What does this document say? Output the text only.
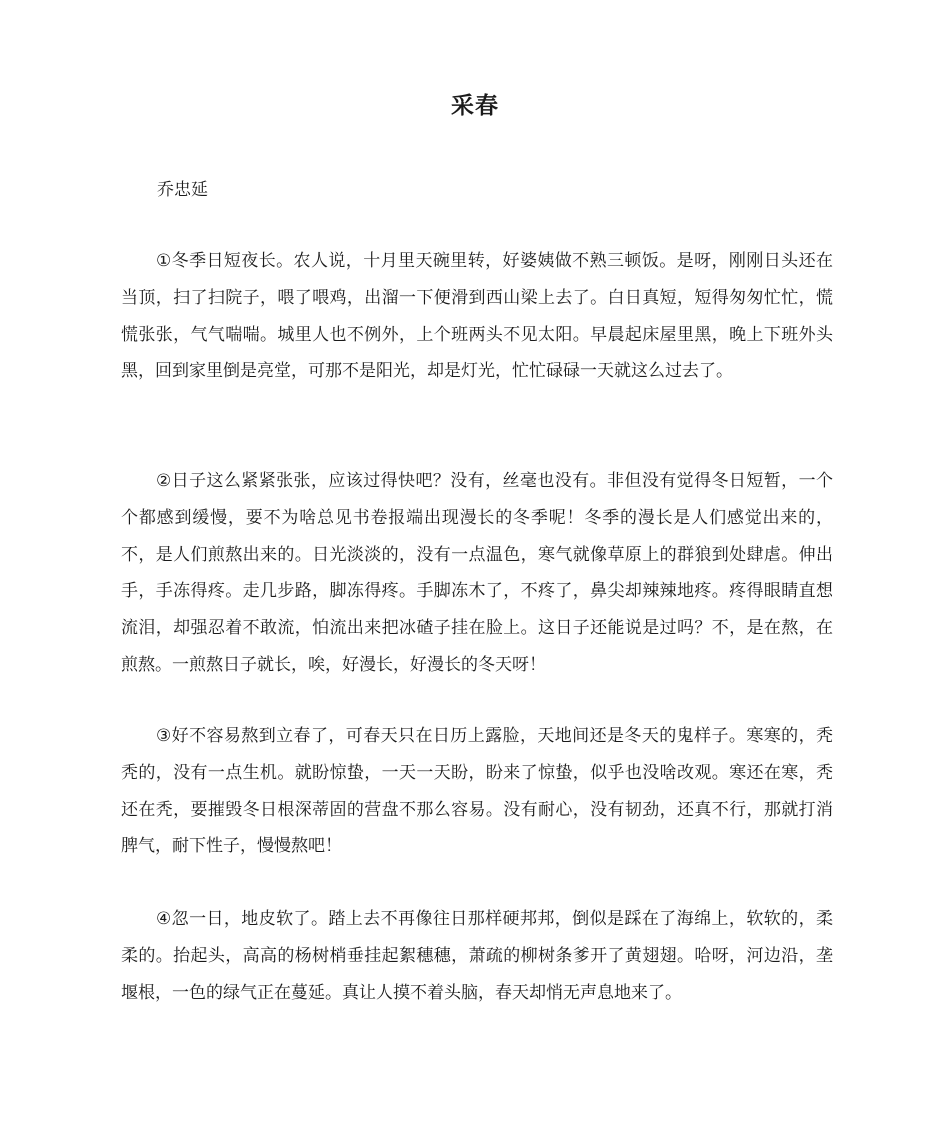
采春

乔忠延

①冬季日短夜长。农人说，十月里天碗里转，好婆姨做不熟三顿饭。是呀，刚刚日头还在当顶，扫了扫院子，喂了喂鸡，出溜一下便滑到西山梁上去了。白日真短，短得匆匆忙忙，慌慌张张，气气喘喘。城里人也不例外，上个班两头不见太阳。早晨起床屋里黑，晚上下班外头黑，回到家里倒是亮堂，可那不是阳光，却是灯光，忙忙碌碌一天就这么过去了。

②日子这么紧紧张张，应该过得快吧？没有，丝毫也没有。非但没有觉得冬日短暂，一个个都感到缓慢，要不为啥总见书卷报端出现漫长的冬季呢！冬季的漫长是人们感觉出来的，不，是人们煎熬出来的。日光淡淡的，没有一点温色，寒气就像草原上的群狼到处肆虐。伸出手，手冻得疼。走几步路，脚冻得疼。手脚冻木了，不疼了，鼻尖却辣辣地疼。疼得眼睛直想流泪，却强忍着不敢流，怕流出来把冰碴子挂在脸上。这日子还能说是过吗？不，是在熬，在煎熬。一煎熬日子就长，唉，好漫长，好漫长的冬天呀！

③好不容易熬到立春了，可春天只在日历上露脸，天地间还是冬天的鬼样子。寒寒的，秃秃的，没有一点生机。就盼惊蛰，一天一天盼，盼来了惊蛰，似乎也没啥改观。寒还在寒，秃还在秃，要摧毁冬日根深蒂固的营盘不那么容易。没有耐心，没有韧劲，还真不行，那就打消脾气，耐下性子，慢慢熬吧！

④忽一日，地皮软了。踏上去不再像往日那样硬邦邦，倒似是踩在了海绵上，软软的，柔柔的。抬起头，高高的杨树梢垂挂起絮穗穗，萧疏的柳树条爹开了黄翅翅。哈呀，河边沿，垄堰根，一色的绿气正在蔓延。真让人摸不着头脑，春天却悄无声息地来了。
